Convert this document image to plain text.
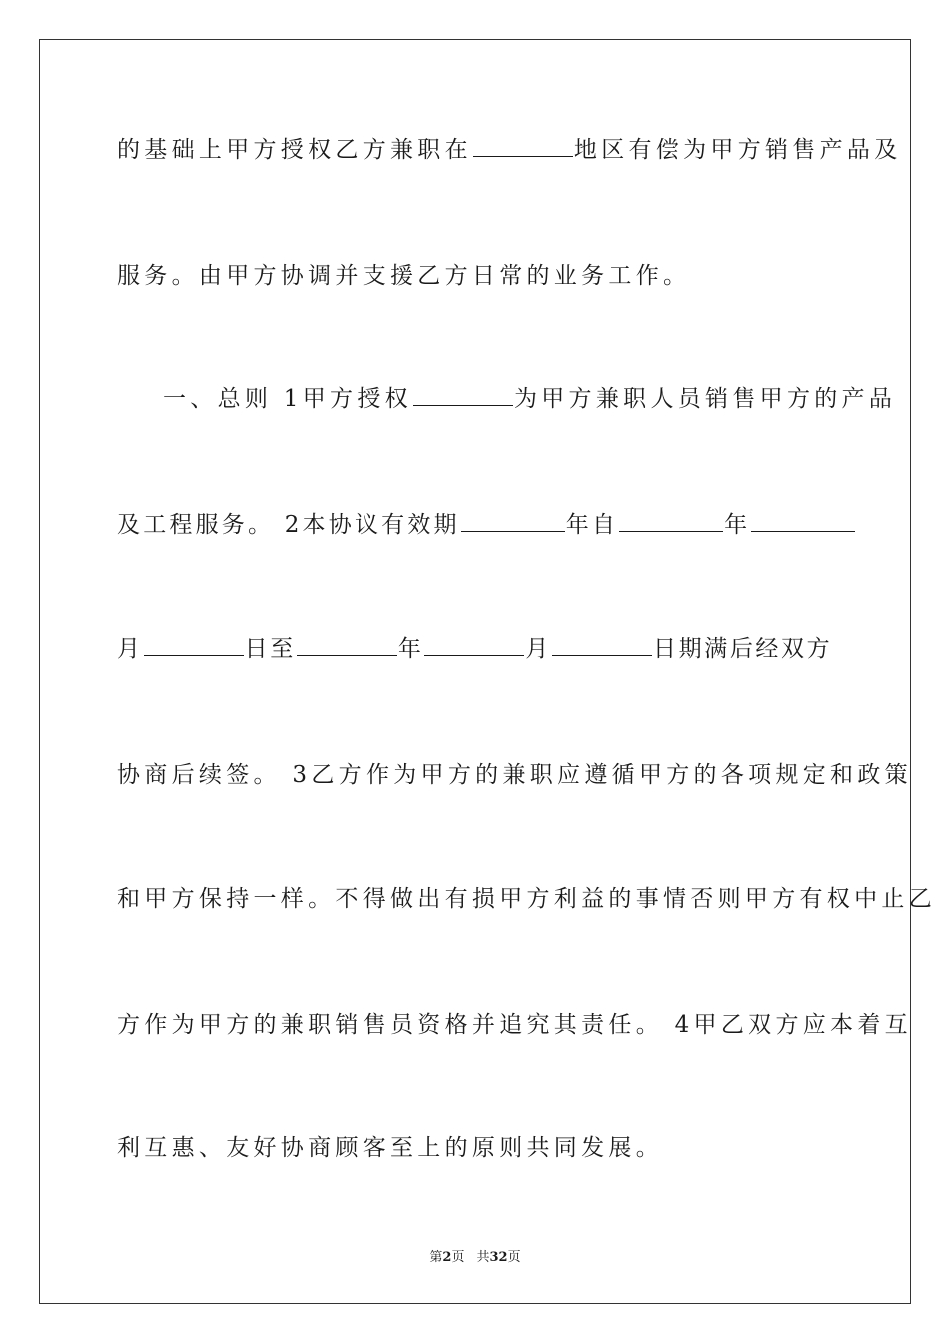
的基础上甲方授权乙方兼职在	地区有偿为甲方销售产品及
服务。由甲方协调并支援乙方日常的业务工作。
一、总则 1甲方授权	为甲方兼职人员销售甲方的产品
及工程服务。 2本协议有效期	年自	年
月	日至	年	月	日期满后经双方
协商后续签。 3乙方作为甲方的兼职应遵循甲方的各项规定和政策
和甲方保持一样。不得做出有损甲方利益的事情否则甲方有权中止乙
方作为甲方的兼职销售员资格并追究其责任。 4甲乙双方应本着互
利互惠、友好协商顾客至上的原则共同发展。
第2页 共32页
